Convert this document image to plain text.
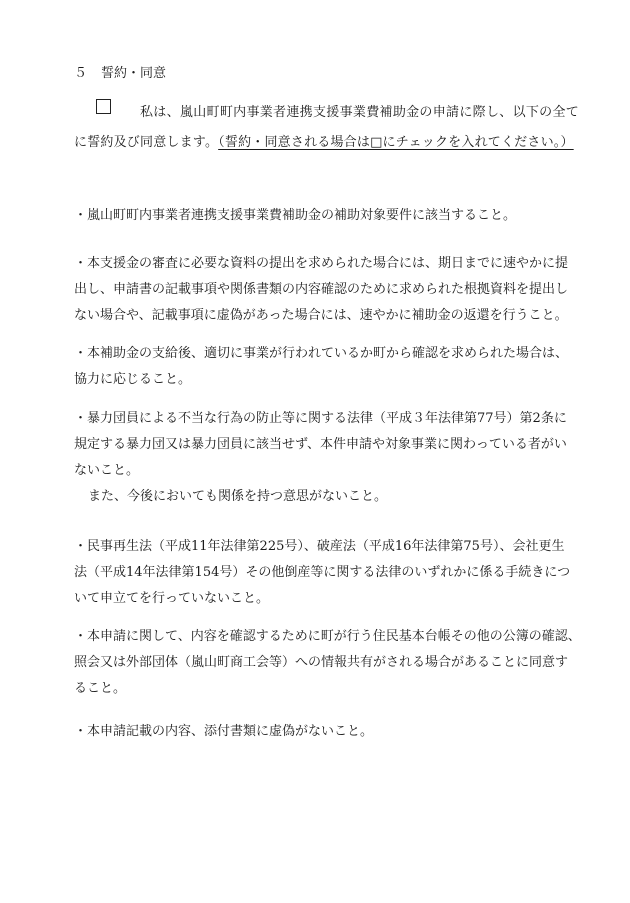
５ 誓約・同意
私は、嵐山町町内事業者連携支援事業費補助金の申請に際し、以下の全てに誓約及び同意します。（誓約・同意される場合は□にチェックを入れてください。）
・嵐山町町内事業者連携支援事業費補助金の補助対象要件に該当すること。
・本支援金の審査に必要な資料の提出を求められた場合には、期日までに速やかに提
出し、申請書の記載事項や関係書類の内容確認のために求められた根拠資料を提出し
ない場合や、記載事項に虚偽があった場合には、速やかに補助金の返還を行うこと。
・本補助金の支給後、適切に事業が行われているか町から確認を求められた場合は、
協力に応じること。
・暴力団員による不当な行為の防止等に関する法律（平成３年法律第77号）第2条に
規定する暴力団又は暴力団員に該当せず、本件申請や対象事業に関わっている者がい
ないこと。
また、今後においても関係を持つ意思がないこと。
・民事再生法（平成11年法律第225号）、破産法（平成16年法律第75号）、会社更生
法（平成14年法律第154号）その他倒産等に関する法律のいずれかに係る手続きにつ
いて申立てを行っていないこと。
・本申請に関して、内容を確認するために町が行う住民基本台帳その他の公簿の確認、
照会又は外部団体（嵐山町商工会等）への情報共有がされる場合があることに同意す
ること。
・本申請記載の内容、添付書類に虚偽がないこと。
